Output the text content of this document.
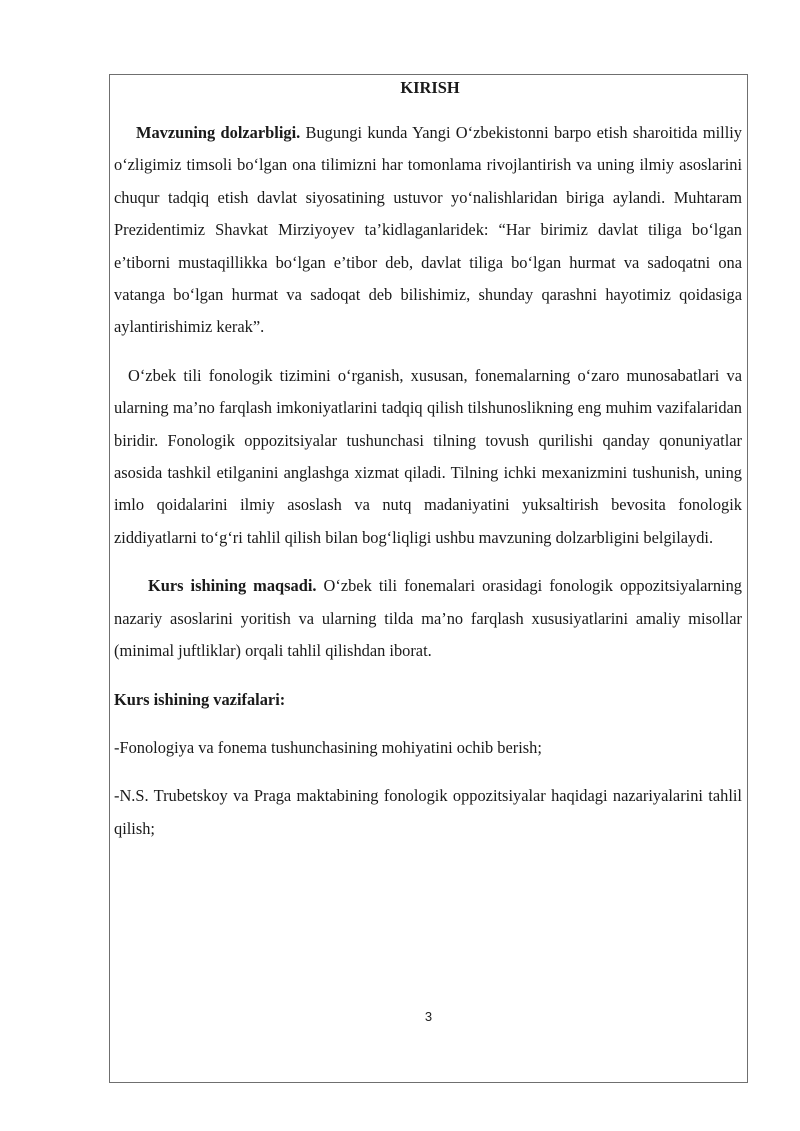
KIRISH

Mavzuning dolzarbligi. Bugungi kunda Yangi O‘zbekistonni barpo etish sharoitida milliy o‘zligimiz timsoli bo‘lgan ona tilimizni har tomonlama rivojlantirish va uning ilmiy asoslarini chuqur tadqiq etish davlat siyosatining ustuvor yo‘nalishlaridan biriga aylandi. Muhtaram Prezidentimiz Shavkat Mirziyoyev ta’kidlaganlaridek: “Har birimiz davlat tiliga bo‘lgan e’tiborni mustaqillikka bo‘lgan e’tibor deb, davlat tiliga bo‘lgan hurmat va sadoqatni ona vatanga bo‘lgan hurmat va sadoqat deb bilishimiz, shunday qarashni hayotimiz qoidasiga aylantirishimiz kerak”.

O‘zbek tili fonologik tizimini o‘rganish, xususan, fonemalarning o‘zaro munosabatlari va ularning ma’no farqlash imkoniyatlarini tadqiq qilish tilshunoslikning eng muhim vazifalaridan biridir. Fonologik oppozitsiyalar tushunchasi tilning tovush qurilishi qanday qonuniyatlar asosida tashkil etilganini anglashga xizmat qiladi. Tilning ichki mexanizmini tushunish, uning imlo qoidalarini ilmiy asoslash va nutq madaniyatini yuksaltirish bevosita fonologik ziddiyatlarni to‘g‘ri tahlil qilish bilan bog‘liqligi ushbu mavzuning dolzarbligini belgilaydi.

Kurs ishining maqsadi. O‘zbek tili fonemalari orasidagi fonologik oppozitsiyalarning nazariy asoslarini yoritish va ularning tilda ma’no farqlash xususiyatlarini amaliy misollar (minimal juftliklar) orqali tahlil qilishdan iborat.

Kurs ishining vazifalari:

-Fonologiya va fonema tushunchasining mohiyatini ochib berish;

-N.S. Trubetskoy va Praga maktabining fonologik oppozitsiyalar haqidagi nazariyalarini tahlil qilish;

3
